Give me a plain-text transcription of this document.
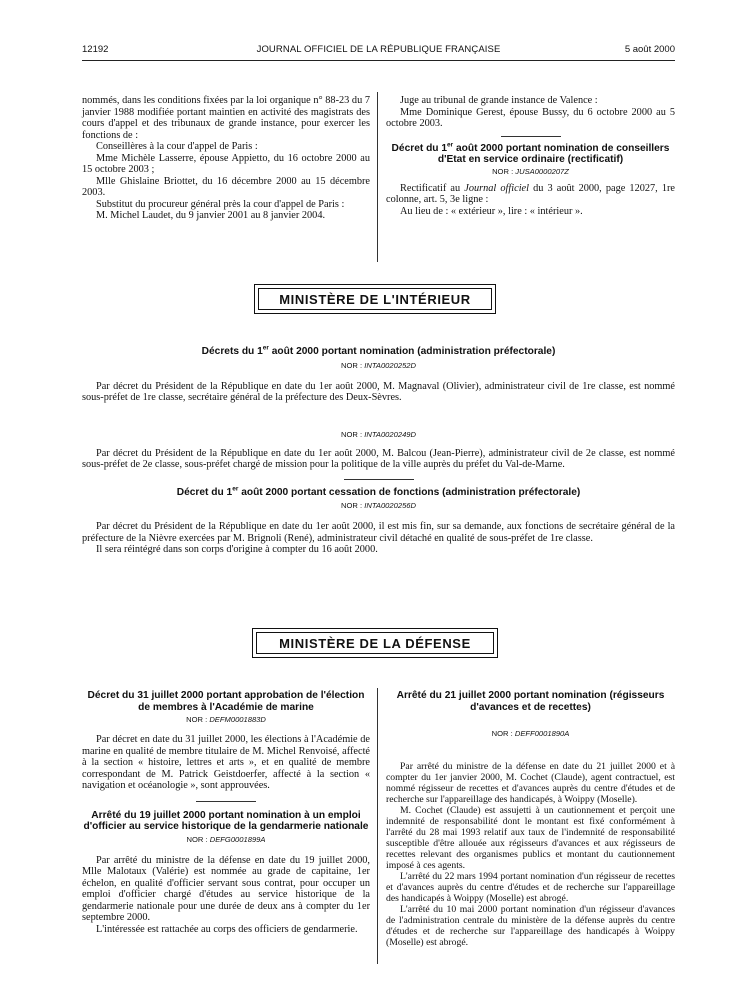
12192	JOURNAL OFFICIEL DE LA RÉPUBLIQUE FRANÇAISE	5 août 2000

nommés, dans les conditions fixées par la loi organique n° 88-23 du 7 janvier 1988 modifiée portant maintien en activité des magistrats des cours d'appel et des tribunaux de grande instance, pour exercer les fonctions de :

Conseillères à la cour d'appel de Paris :

Mme Michèle Lasserre, épouse Appietto, du 16 octobre 2000 au 15 octobre 2003 ;

Mlle Ghislaine Briottet, du 16 décembre 2000 au 15 décembre 2003.

Substitut du procureur général près la cour d'appel de Paris :

M. Michel Laudet, du 9 janvier 2001 au 8 janvier 2004.

Juge au tribunal de grande instance de Valence :

Mme Dominique Gerest, épouse Bussy, du 6 octobre 2000 au 5 octobre 2003.

Décret du 1er août 2000 portant nomination de conseillers d'Etat en service ordinaire (rectificatif)

NOR : JUSA0000207Z

Rectificatif au Journal officiel du 3 août 2000, page 12027, 1re colonne, art. 5, 3e ligne :

Au lieu de : « extérieur », lire : « intérieur ».

MINISTÈRE DE L'INTÉRIEUR

Décrets du 1er août 2000 portant nomination (administration préfectorale)

NOR : INTA0020252D

Par décret du Président de la République en date du 1er août 2000, M. Magnaval (Olivier), administrateur civil de 1re classe, est nommé sous-préfet de 1re classe, secrétaire général de la préfecture des Deux-Sèvres.

NOR : INTA0020249D

Par décret du Président de la République en date du 1er août 2000, M. Balcou (Jean-Pierre), administrateur civil de 2e classe, est nommé sous-préfet de 2e classe, sous-préfet chargé de mission pour la politique de la ville auprès du préfet du Val-de-Marne.

Décret du 1er août 2000 portant cessation de fonctions (administration préfectorale)

NOR : INTA0020256D

Par décret du Président de la République en date du 1er août 2000, il est mis fin, sur sa demande, aux fonctions de secrétaire général de la préfecture de la Nièvre exercées par M. Brignoli (René), administrateur civil détaché en qualité de sous-préfet de 1re classe.

Il sera réintégré dans son corps d'origine à compter du 16 août 2000.

MINISTÈRE DE LA DÉFENSE

Décret du 31 juillet 2000 portant approbation de l'élection de membres à l'Académie de marine

NOR : DEFM0001883D

Par décret en date du 31 juillet 2000, les élections à l'Académie de marine en qualité de membre titulaire de M. Michel Renvoisé, affecté à la section « histoire, lettres et arts », et en qualité de membre correspondant de M. Patrick Geistdoerfer, affecté à la section « navigation et océanologie », sont approuvées.

Arrêté du 19 juillet 2000 portant nomination à un emploi d'officier au service historique de la gendarmerie nationale

NOR : DEFG0001899A

Par arrêté du ministre de la défense en date du 19 juillet 2000, Mlle Malotaux (Valérie) est nommée au grade de capitaine, 1er échelon, en qualité d'officier servant sous contrat, pour occuper un emploi d'officier chargé d'études au service historique de la gendarmerie nationale pour une durée de deux ans à compter du 1er septembre 2000.

L'intéressée est rattachée au corps des officiers de gendarmerie.

Arrêté du 21 juillet 2000 portant nomination (régisseurs d'avances et de recettes)

NOR : DEFF0001890A

Par arrêté du ministre de la défense en date du 21 juillet 2000 et à compter du 1er janvier 2000, M. Cochet (Claude), agent contractuel, est nommé régisseur de recettes et d'avances auprès du centre d'études et de recherche sur l'appareillage des handicapés, à Woippy (Moselle).

M. Cochet (Claude) est assujetti à un cautionnement et perçoit une indemnité de responsabilité dont le montant est fixé conformément à l'arrêté du 28 mai 1993 relatif aux taux de l'indemnité de responsabilité susceptible d'être allouée aux régisseurs d'avances et aux régisseurs de recettes relevant des organismes publics et montant du cautionnement imposé à ces agents.

L'arrêté du 22 mars 1994 portant nomination d'un régisseur de recettes et d'avances auprès du centre d'études et de recherche sur l'appareillage des handicapés à Woippy (Moselle) est abrogé.

L'arrêté du 10 mai 2000 portant nomination d'un régisseur d'avances de l'administration centrale du ministère de la défense auprès du centre d'études et de recherche sur l'appareillage des handicapés à Woippy (Moselle) est abrogé.
